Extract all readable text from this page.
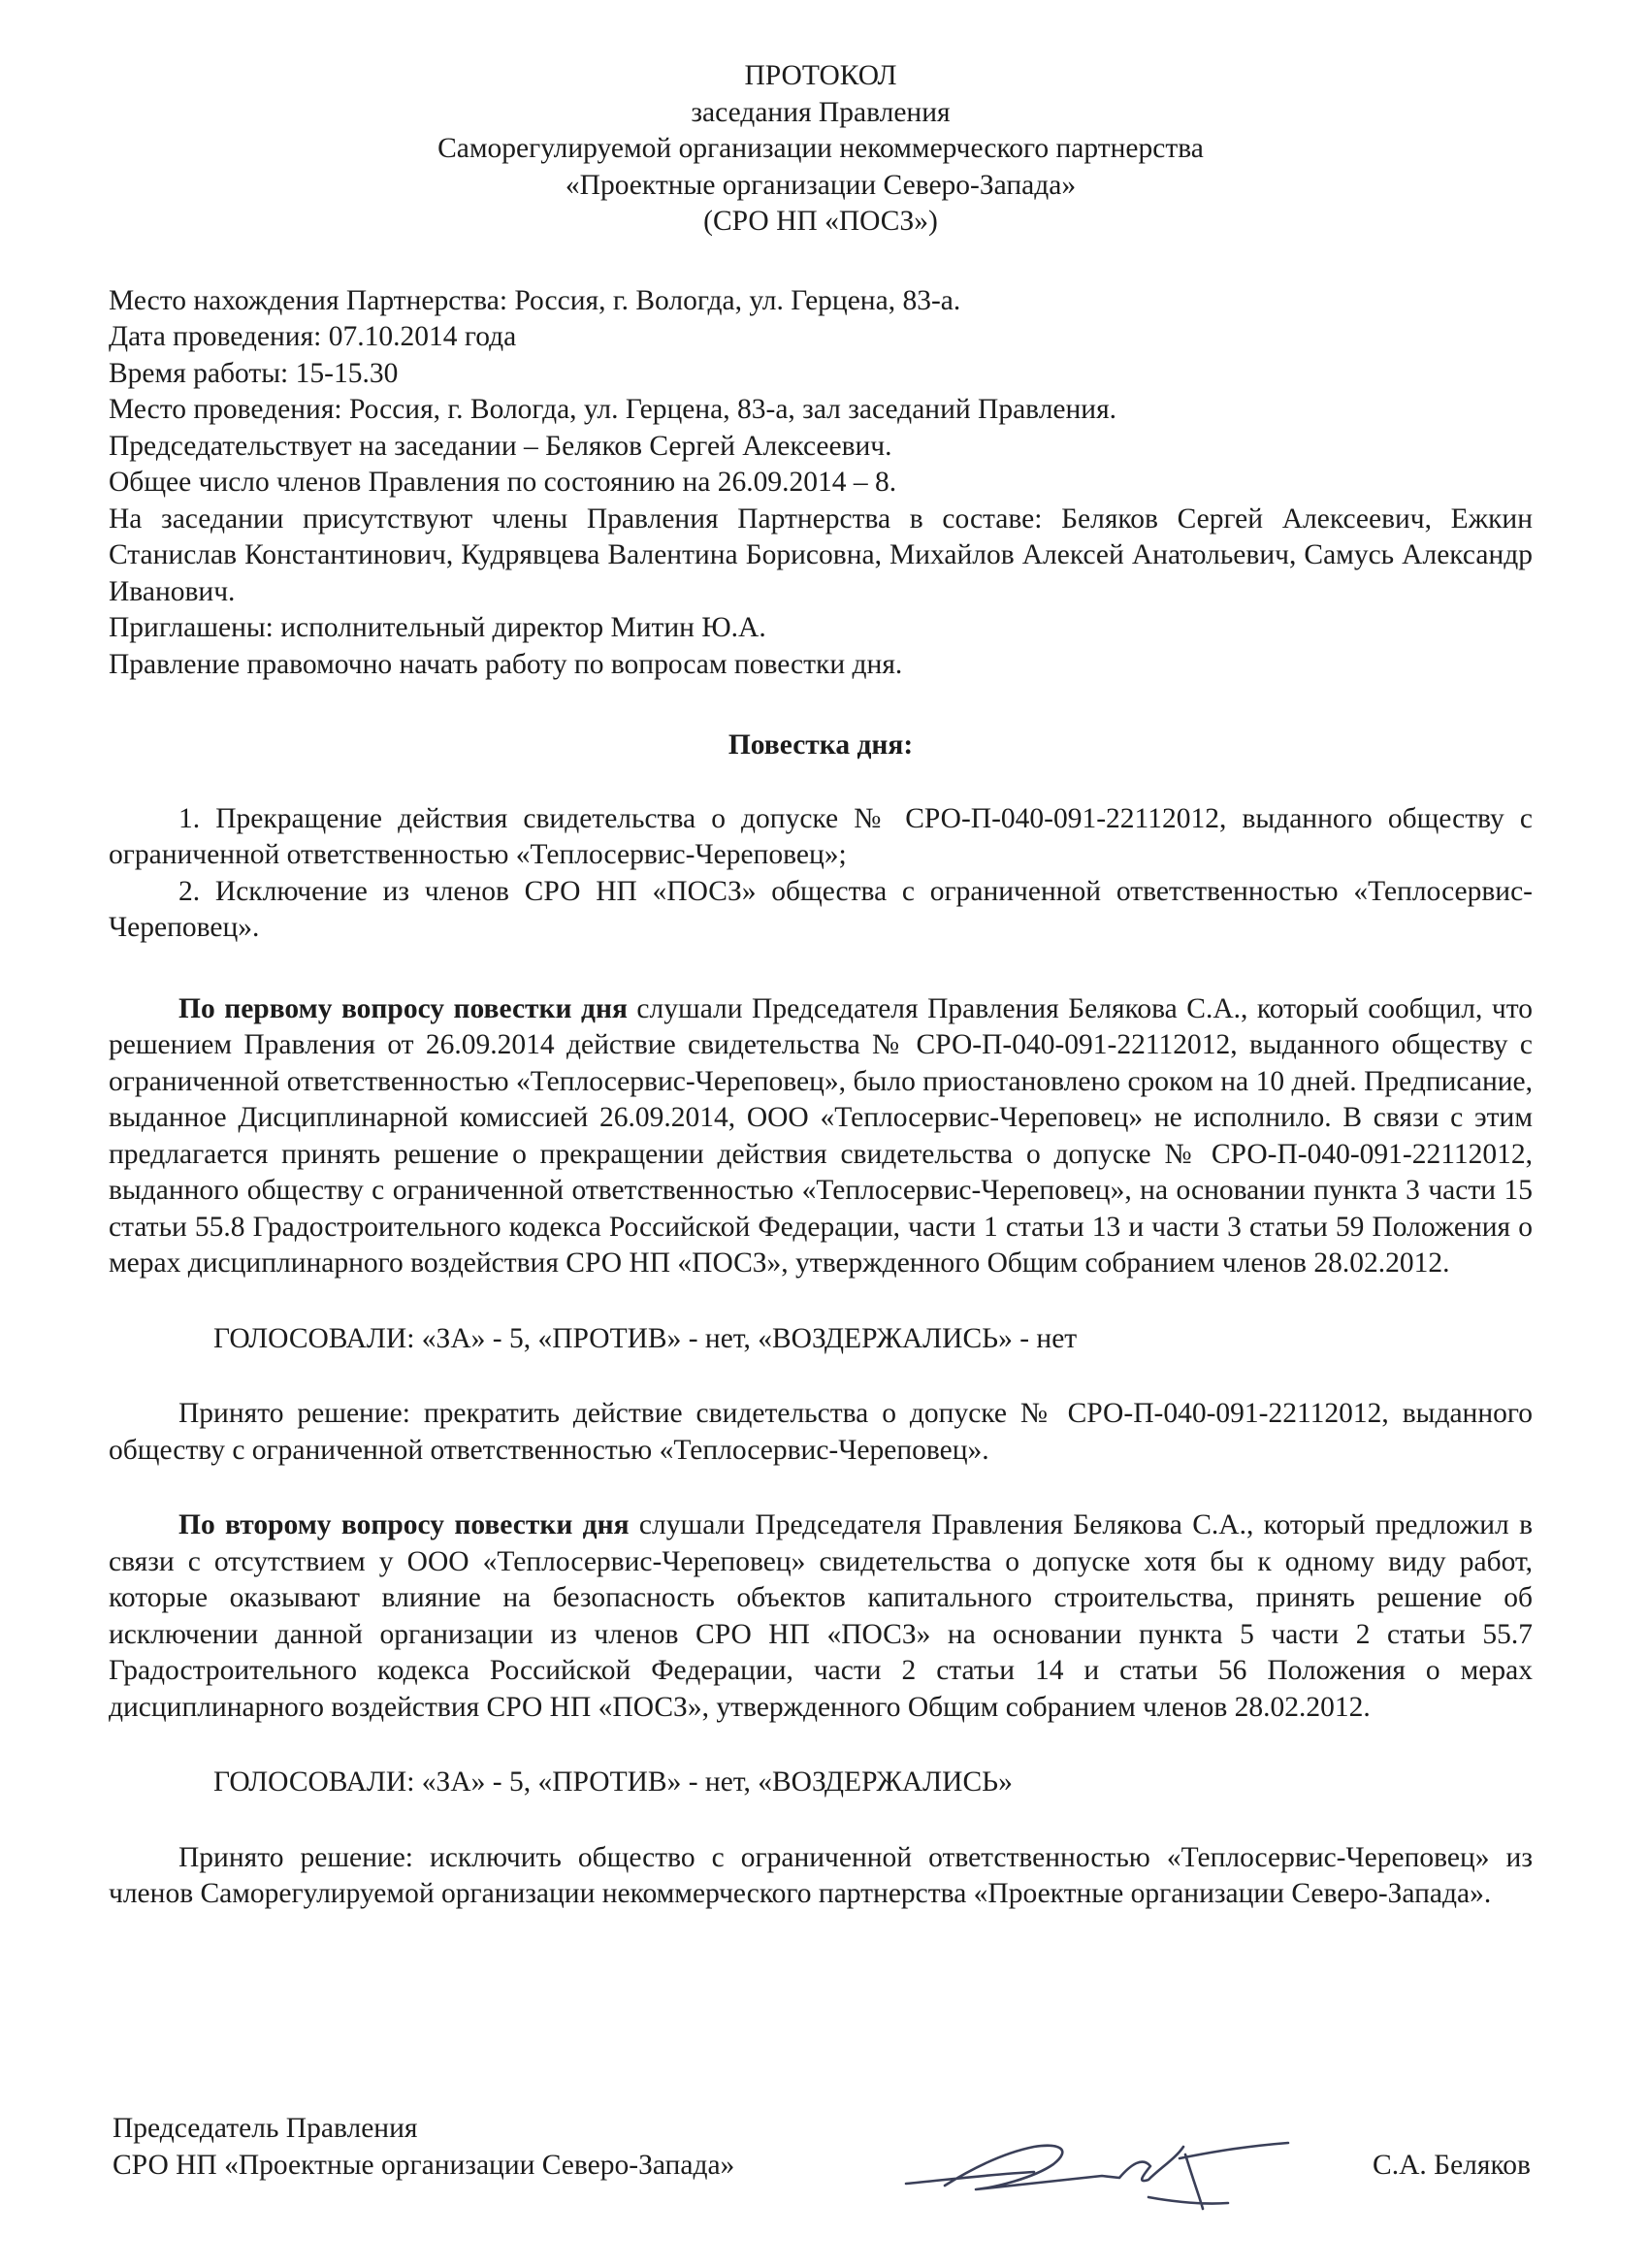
ПРОТОКОЛ
заседания Правления
Саморегулируемой организации некоммерческого партнерства
«Проектные организации Северо-Запада»
(СРО НП «ПОСЗ»)
Место нахождения Партнерства: Россия, г. Вологда, ул. Герцена, 83-а.
Дата проведения: 07.10.2014 года
Время работы: 15-15.30
Место проведения: Россия, г. Вологда, ул. Герцена, 83-а, зал заседаний Правления.
Председательствует на заседании – Беляков Сергей Алексеевич.
Общее число членов Правления по состоянию на 26.09.2014 – 8.
На заседании присутствуют члены Правления Партнерства в составе: Беляков Сергей Алексеевич, Ежкин Станислав Константинович, Кудрявцева Валентина Борисовна, Михайлов Алексей Анатольевич, Самусь Александр Иванович.
Приглашены: исполнительный директор Митин Ю.А.
Правление правомочно начать работу по вопросам повестки дня.
Повестка дня:
1. Прекращение действия свидетельства о допуске № СРО-П-040-091-22112012, выданного обществу с ограниченной ответственностью «Теплосервис-Череповец»;
2. Исключение из членов СРО НП «ПОСЗ» общества с ограниченной ответственностью «Теплосервис-Череповец».
По первому вопросу повестки дня слушали Председателя Правления Белякова С.А., который сообщил, что решением Правления от 26.09.2014 действие свидетельства № СРО-П-040-091-22112012, выданного обществу с ограниченной ответственностью «Теплосервис-Череповец», было приостановлено сроком на 10 дней. Предписание, выданное Дисциплинарной комиссией 26.09.2014, ООО «Теплосервис-Череповец» не исполнило. В связи с этим предлагается принять решение о прекращении действия свидетельства о допуске № СРО-П-040-091-22112012, выданного обществу с ограниченной ответственностью «Теплосервис-Череповец», на основании пункта 3 части 15 статьи 55.8 Градостроительного кодекса Российской Федерации, части 1 статьи 13 и части 3 статьи 59 Положения о мерах дисциплинарного воздействия СРО НП «ПОСЗ», утвержденного Общим собранием членов 28.02.2012.
ГОЛОСОВАЛИ: «ЗА» - 5, «ПРОТИВ» - нет, «ВОЗДЕРЖАЛИСЬ» - нет
Принято решение: прекратить действие свидетельства о допуске № СРО-П-040-091-22112012, выданного обществу с ограниченной ответственностью «Теплосервис-Череповец».
По второму вопросу повестки дня слушали Председателя Правления Белякова С.А., который предложил в связи с отсутствием у ООО «Теплосервис-Череповец» свидетельства о допуске хотя бы к одному виду работ, которые оказывают влияние на безопасность объектов капитального строительства, принять решение об исключении данной организации из членов СРО НП «ПОСЗ» на основании пункта 5 части 2 статьи 55.7 Градостроительного кодекса Российской Федерации, части 2 статьи 14 и статьи 56 Положения о мерах дисциплинарного воздействия СРО НП «ПОСЗ», утвержденного Общим собранием членов 28.02.2012.
ГОЛОСОВАЛИ: «ЗА» - 5, «ПРОТИВ» - нет, «ВОЗДЕРЖАЛИСЬ»
Принято решение: исключить общество с ограниченной ответственностью «Теплосервис-Череповец» из членов Саморегулируемой организации некоммерческого партнерства «Проектные организации Северо-Запада».
Председатель Правления
СРО НП «Проектные организации Северо-Запада»	С.А. Беляков
